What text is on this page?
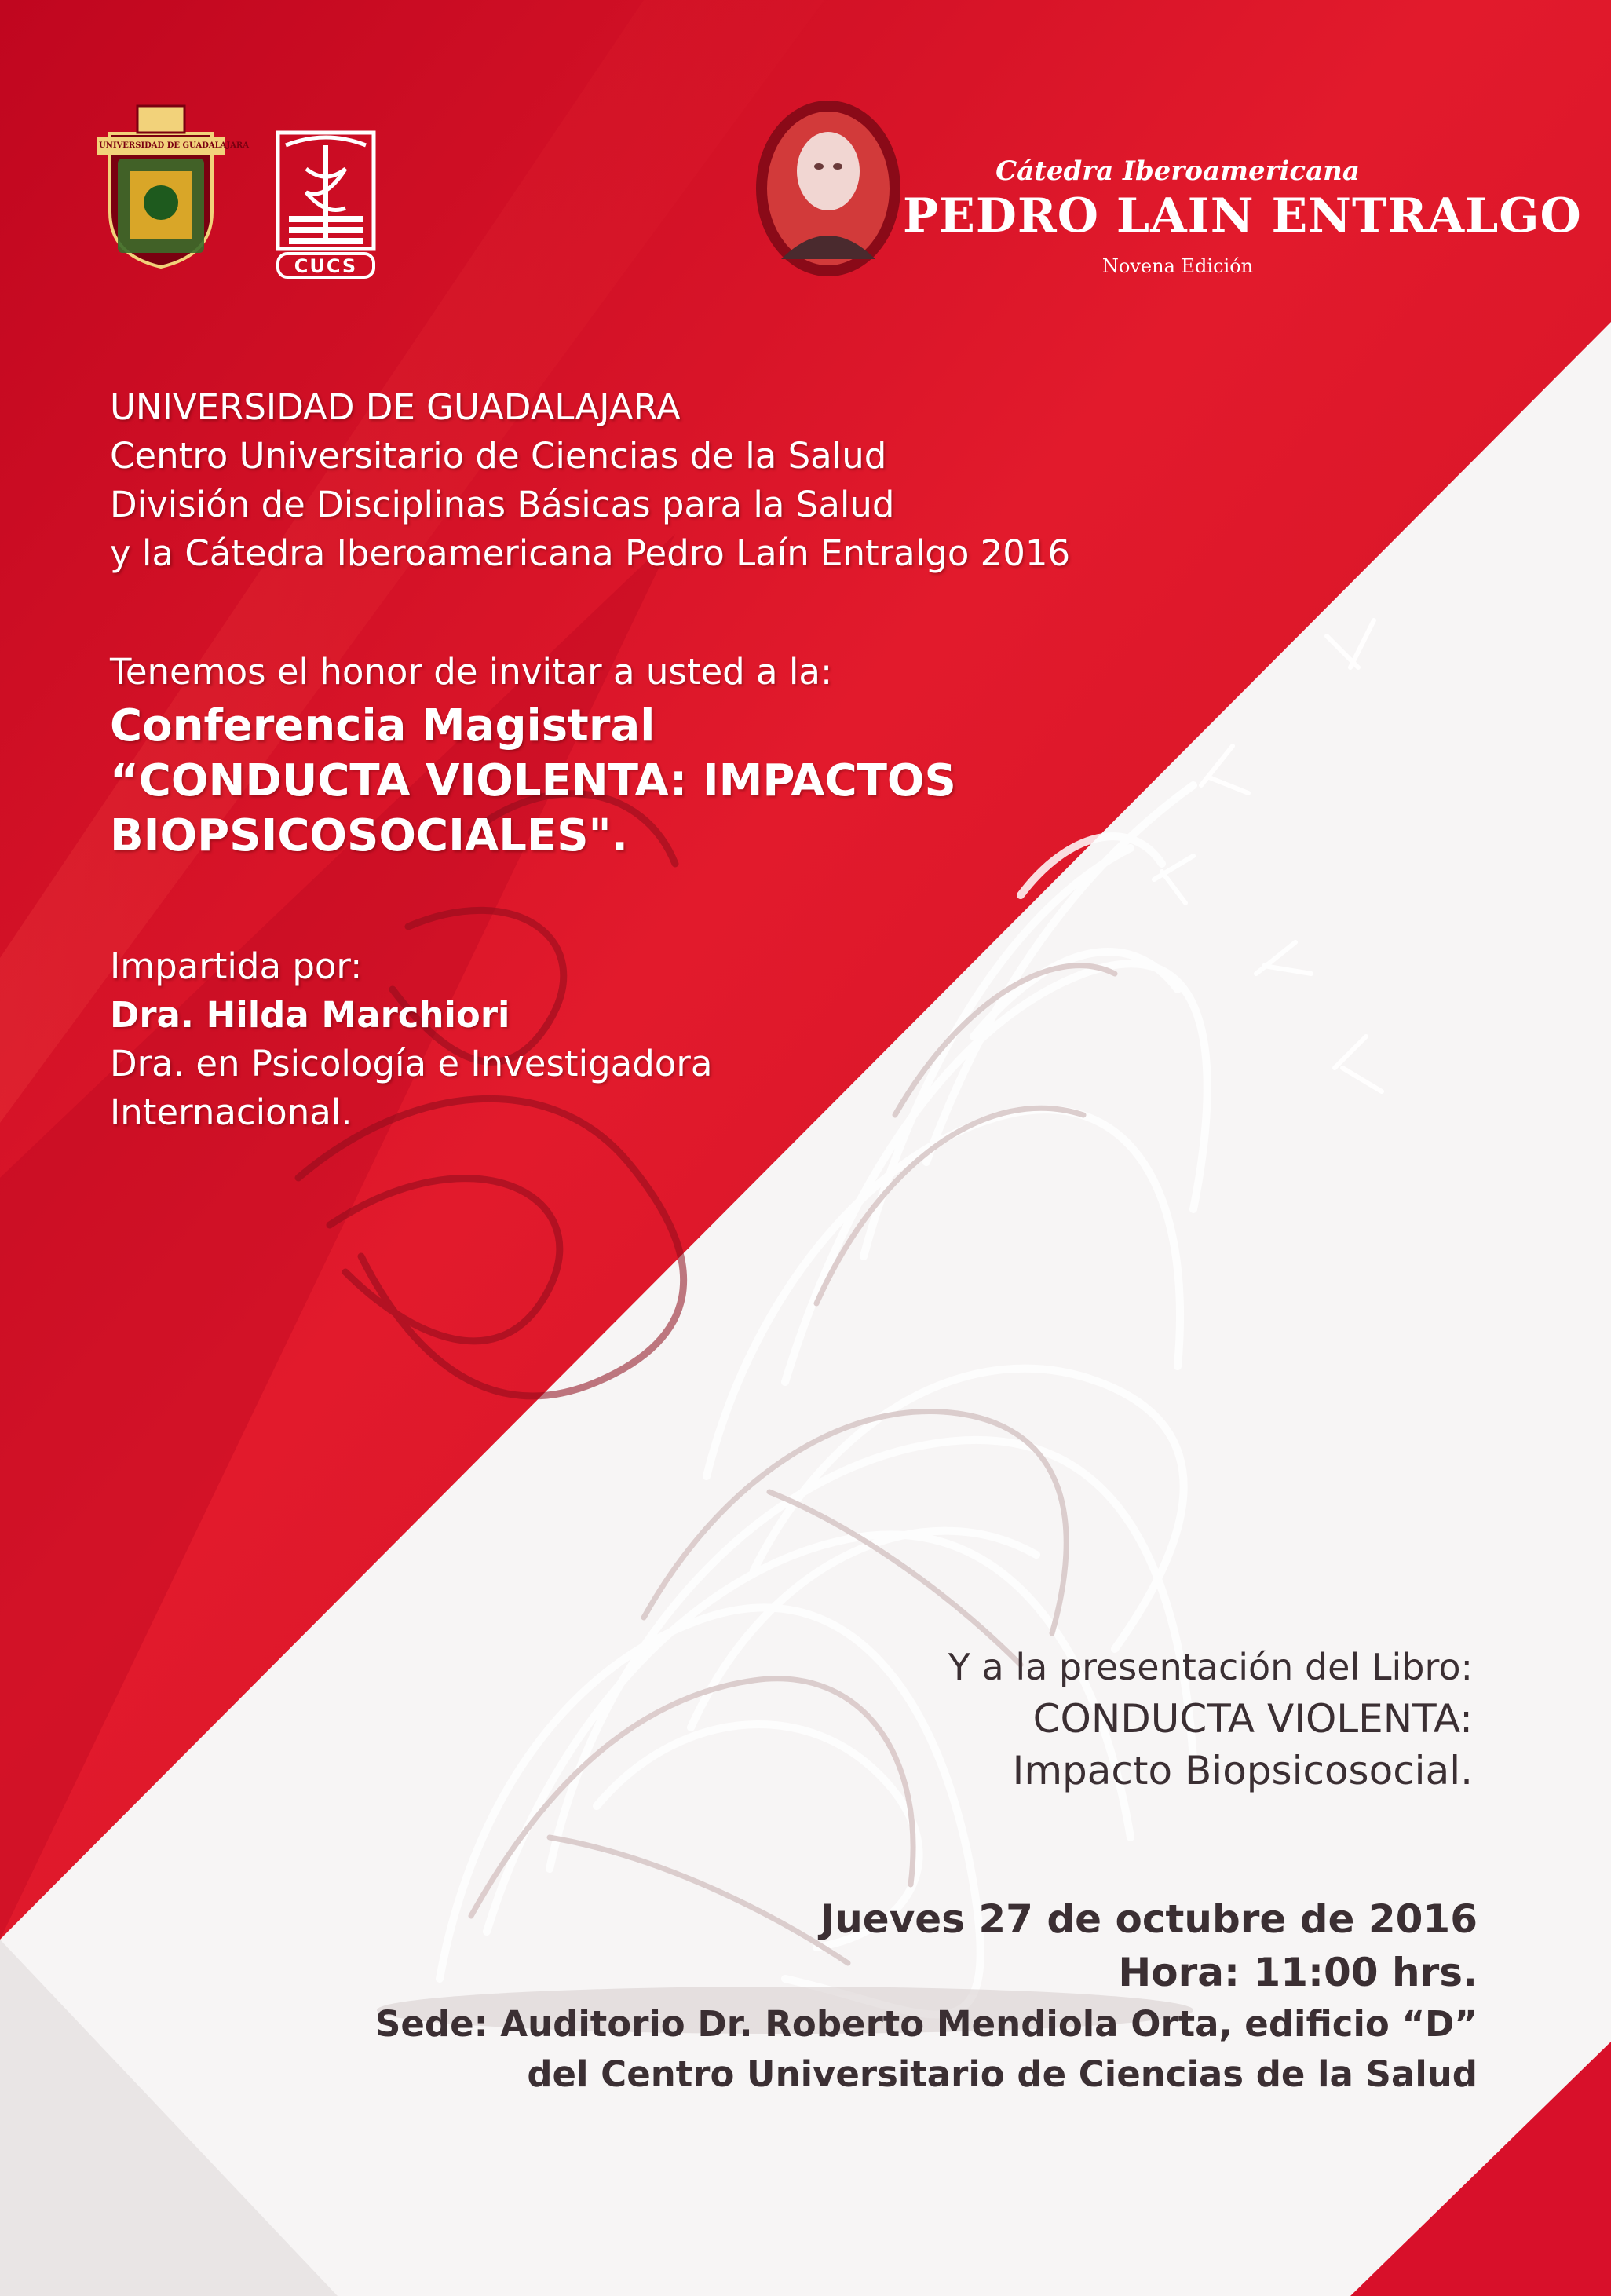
UNIVERSIDAD DE GUADALAJARA
CUCS
Cátedra Iberoamericana
PEDRO LAIN ENTRALGO
Novena Edición
UNIVERSIDAD DE GUADALAJARA
Centro Universitario de Ciencias de la Salud
División de Disciplinas Básicas para la Salud
y la Cátedra Iberoamericana Pedro Laín Entralgo 2016
Tenemos el honor de invitar a usted a la:
Conferencia Magistral
“CONDUCTA VIOLENTA: IMPACTOS
BIOPSICOSOCIALES".
Impartida por:
Dra. Hilda Marchiori
Dra. en Psicología e Investigadora
Internacional.
Y a la presentación del Libro:
CONDUCTA VIOLENTA:
Impacto Biopsicosocial.
Jueves 27 de octubre de 2016
Hora: 11:00 hrs.
Sede: Auditorio Dr. Roberto Mendiola Orta, edificio “D”
del Centro Universitario de Ciencias de la Salud
